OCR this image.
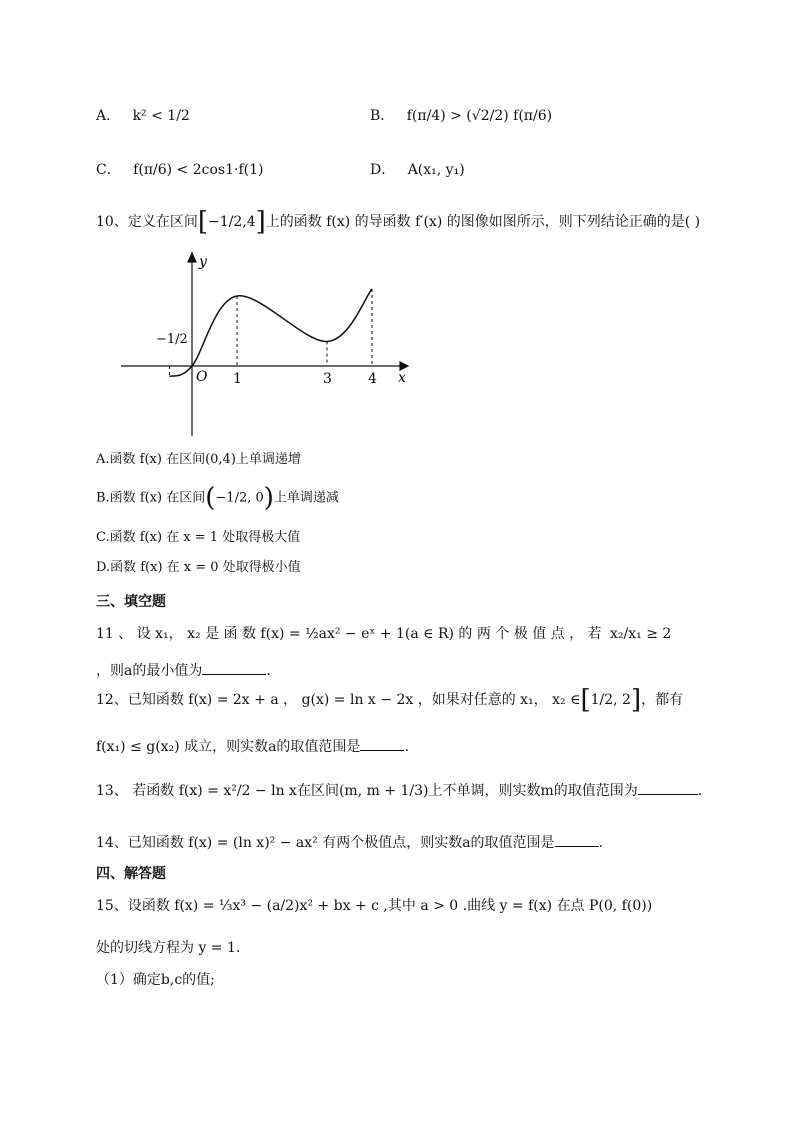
A． k² < 1/2	B． f(π/4) > (√2/2) f(π/6)
C． f(π/6) < 2cos1·f(1)	D． A(x₁, y₁)
10、定义在区间[−1/2,4]上的函数 f(x) 的导函数 f′(x) 的图像如图所示，则下列结论正确的是( )
y
x
O
−1/2
1	3	4
A.函数 f(x) 在区间(0,4)上单调递增
B.函数 f(x) 在区间(−1/2, 0)上单调递减
C.函数 f(x) 在 x = 1 处取得极大值
D.函数 f(x) 在 x = 0 处取得极小值
三、填空题
11 、 设 x₁， x₂ 是 函 数 f(x) = ½ax² − eˣ + 1(a ∈ R) 的 两 个 极 值 点 ， 若 x₂/x₁ ≥ 2
，则a的最小值为	.
12、已知函数 f(x) = 2x + a ， g(x) = ln x − 2x ，如果对任意的 x₁， x₂ ∈[1/2, 2]，都有
f(x₁) ≤ g(x₂) 成立，则实数a的取值范围是	.
13、 若函数 f(x) = x²/2 − ln x在区间(m, m + 1/3)上不单调，则实数m的取值范围为	.
14、已知函数 f(x) = (ln x)² − ax² 有两个极值点，则实数a的取值范围是	.
四、解答题
15、设函数 f(x) = ⅓x³ − (a/2)x² + bx + c ,其中 a > 0 .曲线 y = f(x) 在点 P(0, f(0))
处的切线方程为 y = 1.
（1）确定b,c的值;
